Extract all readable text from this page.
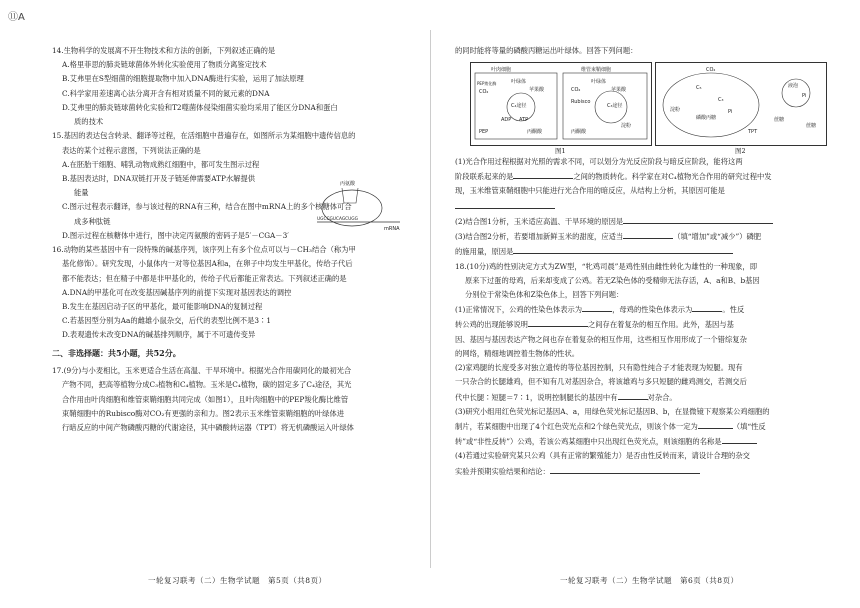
⑪A

14.生物科学的发展离不开生物技术和方法的创新，下列叙述正确的是

A.格里菲思的肺炎链球菌体外转化实验使用了物质分离鉴定技术

B.艾弗里在S型细菌的细胞提取物中加入DNA酶进行实验，运用了加法原理

C.科学家用差速离心法分离开含有相对质量不同的氮元素的DNA

D.艾弗里的肺炎链球菌转化实验和T2噬菌体侵染细菌实验均采用了能区分DNA和蛋白

质的技术

15.基因的表达包含转录、翻译等过程，在活细胞中普遍存在，如图所示为某细胞中遗传信息的

表达的某个过程示意图，下列说法正确的是

A.在胚胎干细胞、哺乳动物成熟红细胞中，都可发生图示过程

B.基因表达时，DNA双链打开及子链延伸需要ATP水解提供

能量

C.图示过程表示翻译，参与该过程的RNA有三种，结合在图中mRNA上的多个核糖体可合

成多种肽链

D.图示过程在核糖体中进行，图中决定丙氨酸的密码子是5′－CGA－3′

16.动物的某些基因中有一段特殊的碱基序列，该序列上有多个位点可以与－CH₃结合（称为甲

基化修饰）。研究发现，小鼠体内一对等位基因A和a，在卵子中均发生甲基化，传给子代后

都不能表达；但在精子中都是非甲基化的，传给子代后都能正常表达。下列叙述正确的是

A.DNA的甲基化可在改变基因碱基序列的前提下实现对基因表达的调控

B.发生在基因启动子区的甲基化，最可能影响DNA的复制过程

C.若基因型分别为Aa的雌雄小鼠杂交，后代的表型比例不是3∶1

D.表观遗传未改变DNA的碱基排列顺序，属于不可遗传变异

二、非选择题：共5小题，共52分。

17.(9分)与小麦相比，玉米更适合生活在高温、干旱环境中。根据光合作用碳同化的最初光合

产物不同，把高等植物分成C₃植物和C₄植物。玉米是C₄植物，碳的固定多了C₄途径，其光

合作用由叶肉细胞和维管束鞘细胞共同完成（如图1），且叶肉细胞中的PEP羧化酶比维管

束鞘细胞中的Rubisco酶对CO₂有更强的亲和力。图2表示玉米维管束鞘细胞的叶绿体进

行暗反应的中间产物磷酸丙糖的代谢途径，其中磷酸转运器（TPT）将无机磷酸运入叶绿体

丙氨酸
UGCCGUCAGCUGG
mRNA
一轮复习联考（二）生物学试题　第5页（共8页）

的同时能将等量的磷酸丙糖运出叶绿体。回答下列问题：

叶肉细胞	维管束鞘细胞
叶绿体
苹果酸
C₄途径
ADP ATP
PEP	丙酮酸
CO₂
Rubisco
C₃途径
淀粉
PEP羧化酶
CO₂
叶绿体
苹果酸
丙酮酸
图1
CO₂
C₅
C₃
淀粉
磷酸丙糖
Pi
TPT
液泡
Pi
蔗糖
蔗糖
图2

(1)光合作用过程根据对光照的需求不同，可以划分为光反应阶段与暗反应阶段，能将这两

阶段联系起来的是	之间的物质转化。科学家在对C₄植物光合作用的研究过程中发

现，玉米维管束鞘细胞中只能进行光合作用的暗反应，从结构上分析，其原因可能是

(2)结合图1分析，玉米适应高温、干旱环境的原因是

(3)结合图2分析，若要增加新鲜玉米的甜度，应适当	（填“增加”或“减少”）磷肥

的施用量，原因是

18.(10分)鸡的性别决定方式为ZW型，“牝鸡司晨”是鸡性别由雌性转化为雄性的一种现象，即

原来下过蛋的母鸡，后来却变成了公鸡。若无Z染色体的受精卵无法存活，A、a和B、b基因

分别位于常染色体和Z染色体上，回答下列问题：

(1)正常情况下，公鸡的性染色体表示为	，母鸡的性染色体表示为	。性反

转公鸡的出现能够说明	之间存在着复杂的相互作用。此外，基因与基

因、基因与基因表达产物之间也存在着复杂的相互作用，这些相互作用形成了一个错综复杂

的网络，精细地调控着生物体的性状。

(2)家鸡腿的长度受多对独立遗传的等位基因控制，只有隐性纯合子才能表现为短腿。现有

一只杂合的长腿雄鸡，但不知有几对基因杂合，将该雄鸡与多只短腿的雌鸡测交，若测交后

代中长腿∶短腿＝7∶1，说明控制腿长的基因中有	对杂合。

(3)研究小组用红色荧光标记基因A、a，用绿色荧光标记基因B、b，在显微镜下观察某公鸡细胞的

制片，若某细胞中出现了4个红色荧光点和2个绿色荧光点，则该个体一定为	（填“性反

转”或“非性反转”）公鸡，若该公鸡某细胞中只出现红色荧光点，则该细胞的名称是

(4)若通过实验研究某只公鸡（具有正常的繁殖能力）是否由性反转而来，请设计合理的杂交

实验并预期实验结果和结论：

一轮复习联考（二）生物学试题　第6页（共8页）
